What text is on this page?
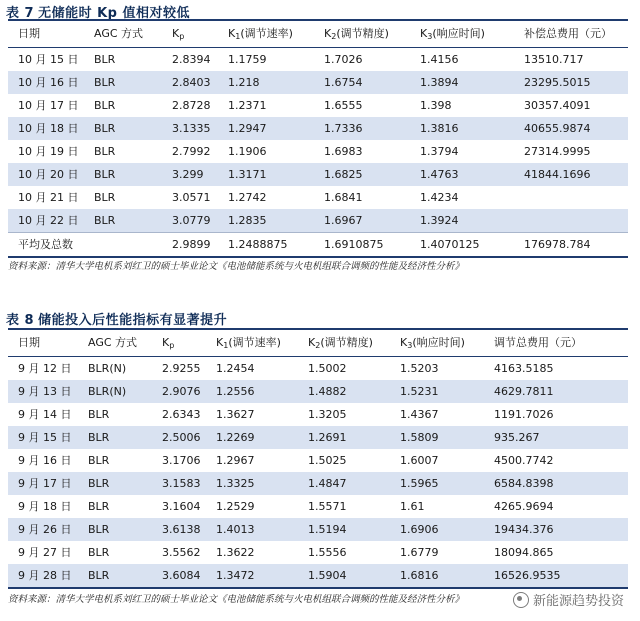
表 7 无储能时 Kp 值相对较低
日期	AGC 方式	$K_p$	$K_1$(调节速率)	$K_2$(调节精度)	$K_3$(响应时间)	补偿总费用（元）
10 月 15 日	BLR	2.8394	1.1759	1.7026	1.4156	13510.717
10 月 16 日	BLR	2.8403	1.218	1.6754	1.3894	23295.5015
10 月 17 日	BLR	2.8728	1.2371	1.6555	1.398	30357.4091
10 月 18 日	BLR	3.1335	1.2947	1.7336	1.3816	40655.9874
10 月 19 日	BLR	2.7992	1.1906	1.6983	1.3794	27314.9995
10 月 20 日	BLR	3.299	1.3171	1.6825	1.4763	41844.1696
10 月 21 日	BLR	3.0571	1.2742	1.6841	1.4234	
10 月 22 日	BLR	3.0779	1.2835	1.6967	1.3924	
平均及总数		2.9899	1.2488875	1.6910875	1.4070125	176978.784
资料来源：清华大学电机系刘红卫的硕士毕业论文《电池储能系统与火电机组联合调频的性能及经济性分析》
表 8 储能投入后性能指标有显著提升
日期	AGC 方式	$K_p$	$K_1$(调节速率)	$K_2$(调节精度)	$K_3$(响应时间)	调节总费用（元）
9 月 12 日	BLR(N)	2.9255	1.2454	1.5002	1.5203	4163.5185
9 月 13 日	BLR(N)	2.9076	1.2556	1.4882	1.5231	4629.7811
9 月 14 日	BLR	2.6343	1.3627	1.3205	1.4367	1191.7026
9 月 15 日	BLR	2.5006	1.2269	1.2691	1.5809	935.267
9 月 16 日	BLR	3.1706	1.2967	1.5025	1.6007	4500.7742
9 月 17 日	BLR	3.1583	1.3325	1.4847	1.5965	6584.8398
9 月 18 日	BLR	3.1604	1.2529	1.5571	1.61	4265.9694
9 月 26 日	BLR	3.6138	1.4013	1.5194	1.6906	19434.376
9 月 27 日	BLR	3.5562	1.3622	1.5556	1.6779	18094.865
9 月 28 日	BLR	3.6084	1.3472	1.5904	1.6816	16526.9535
资料来源：清华大学电机系刘红卫的硕士毕业论文《电池储能系统与火电机组联合调频的性能及经济性分析》	新能源趋势投资
